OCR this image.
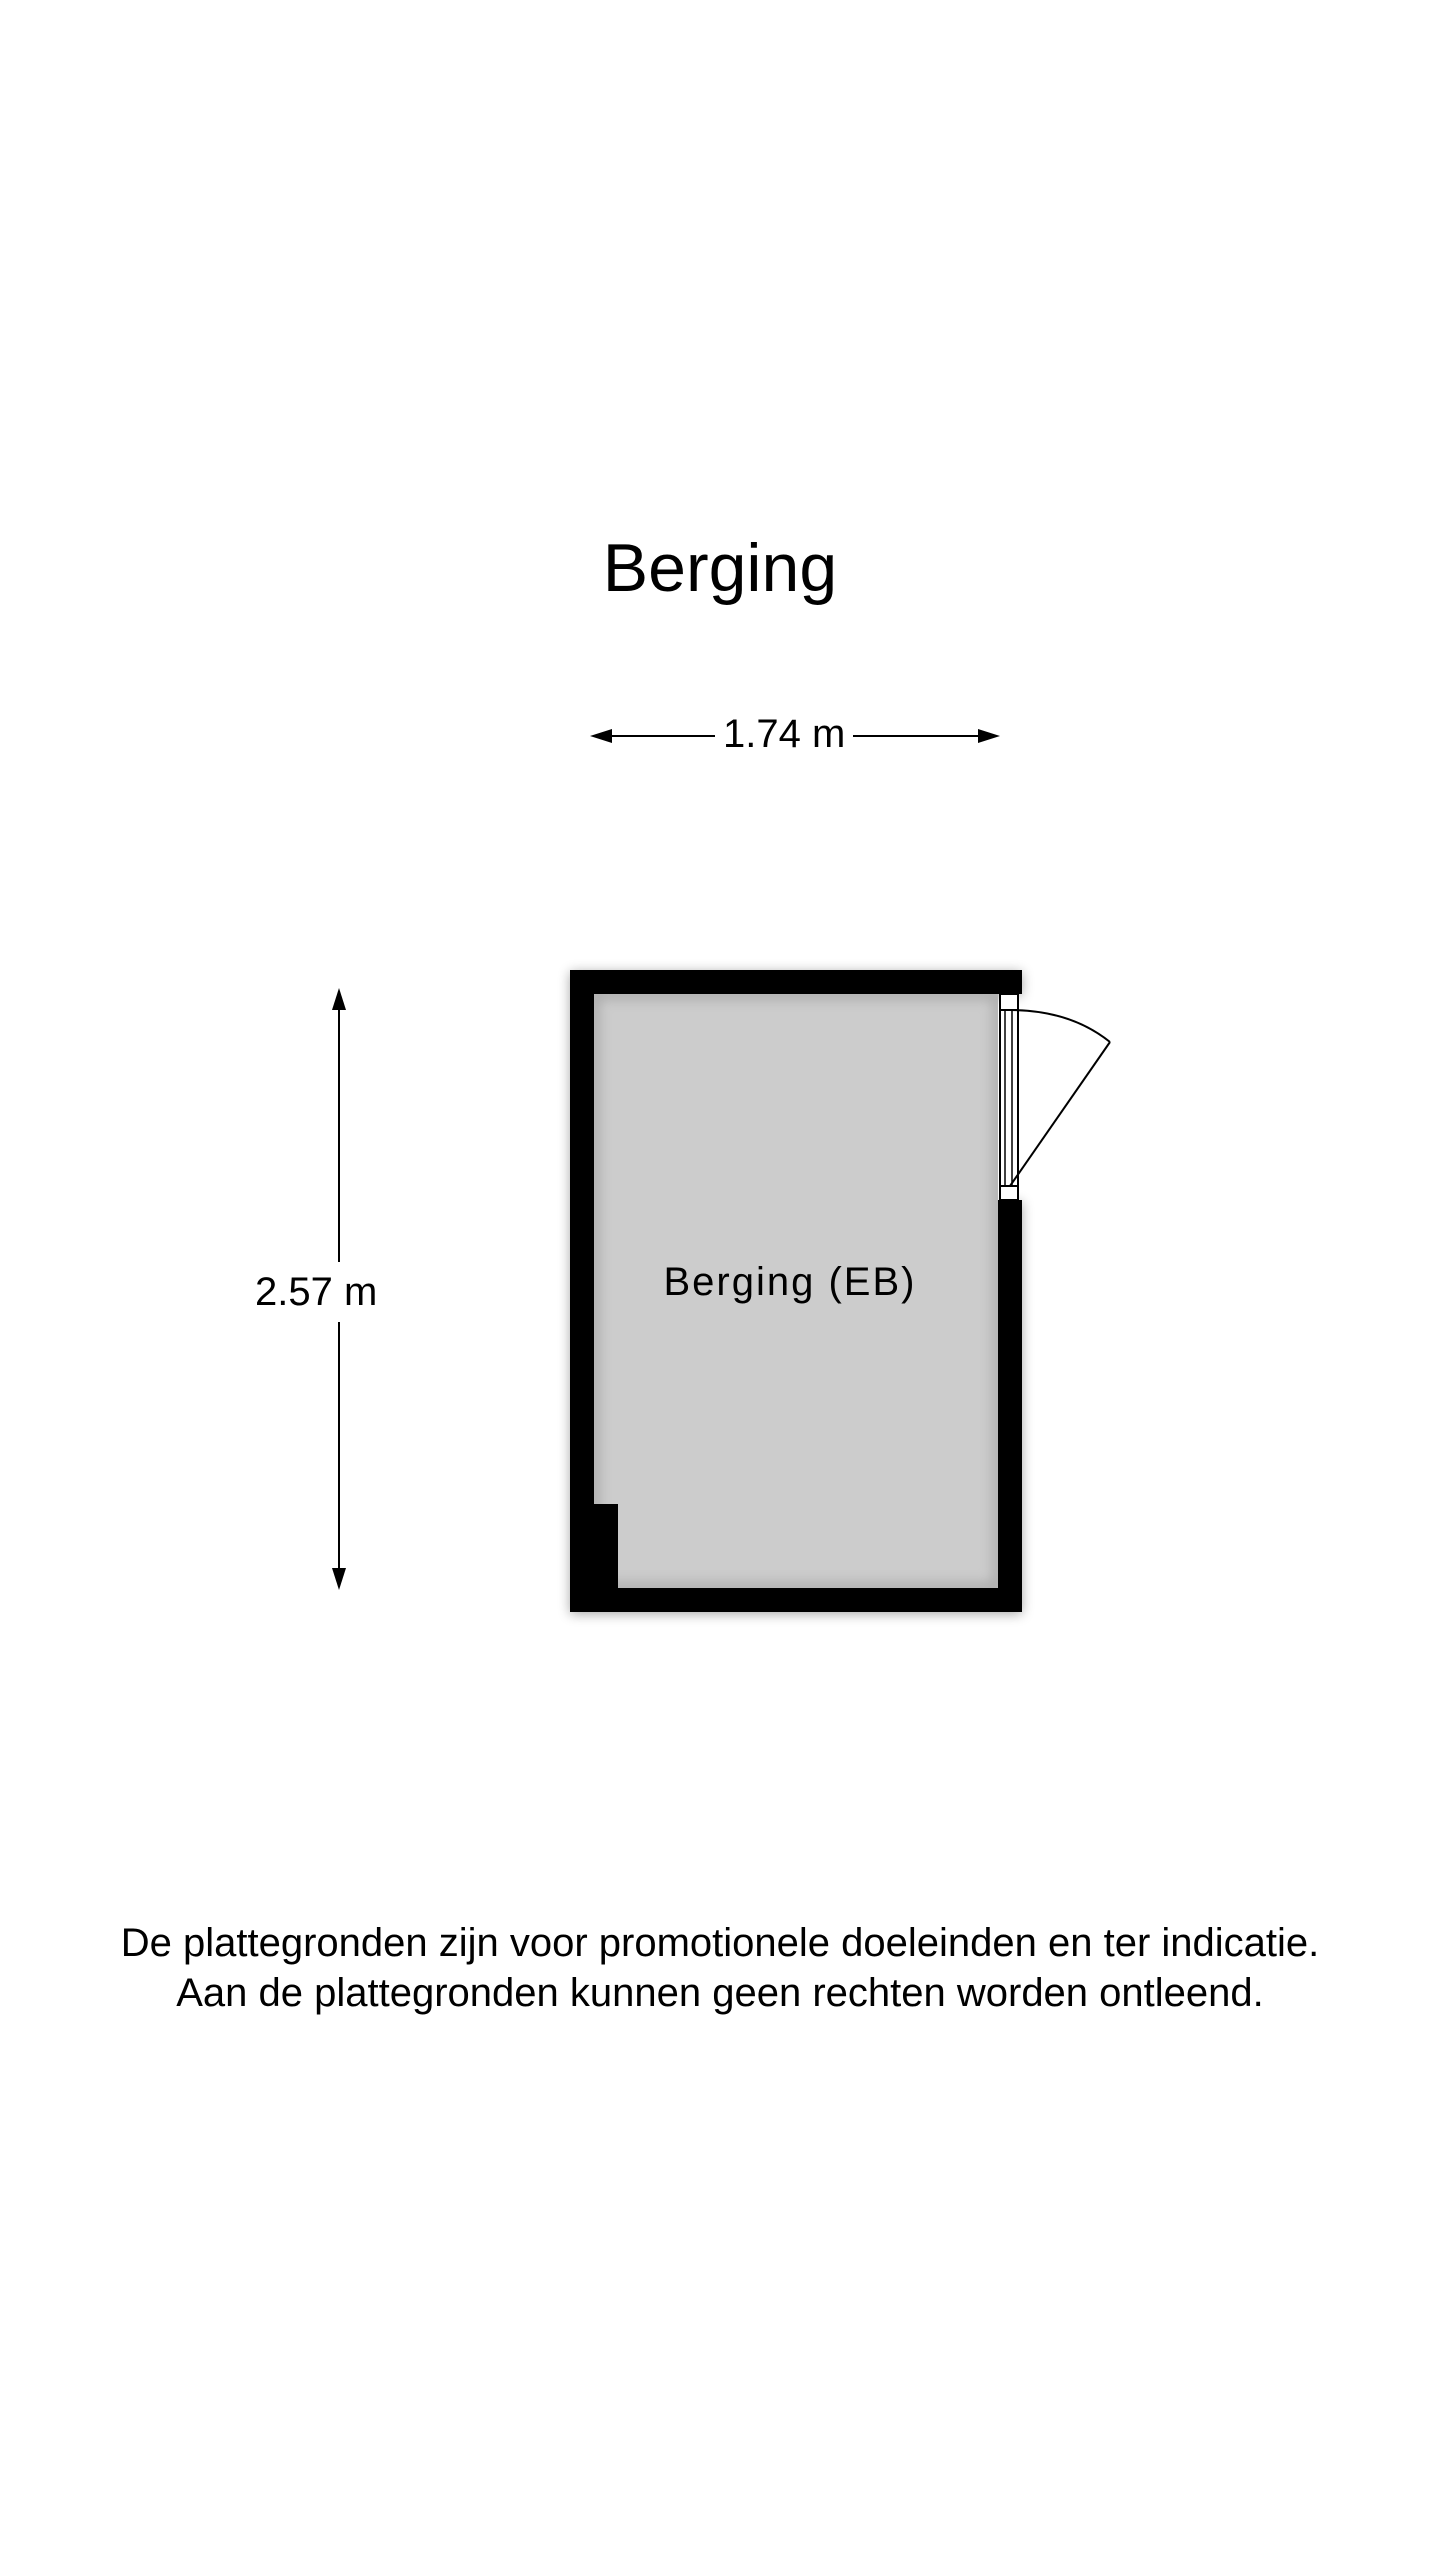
Berging
1.74 m
2.57 m	Berging (EB)
De plattegronden zijn voor promotionele doeleinden en ter indicatie.
Aan de plattegronden kunnen geen rechten worden ontleend.
